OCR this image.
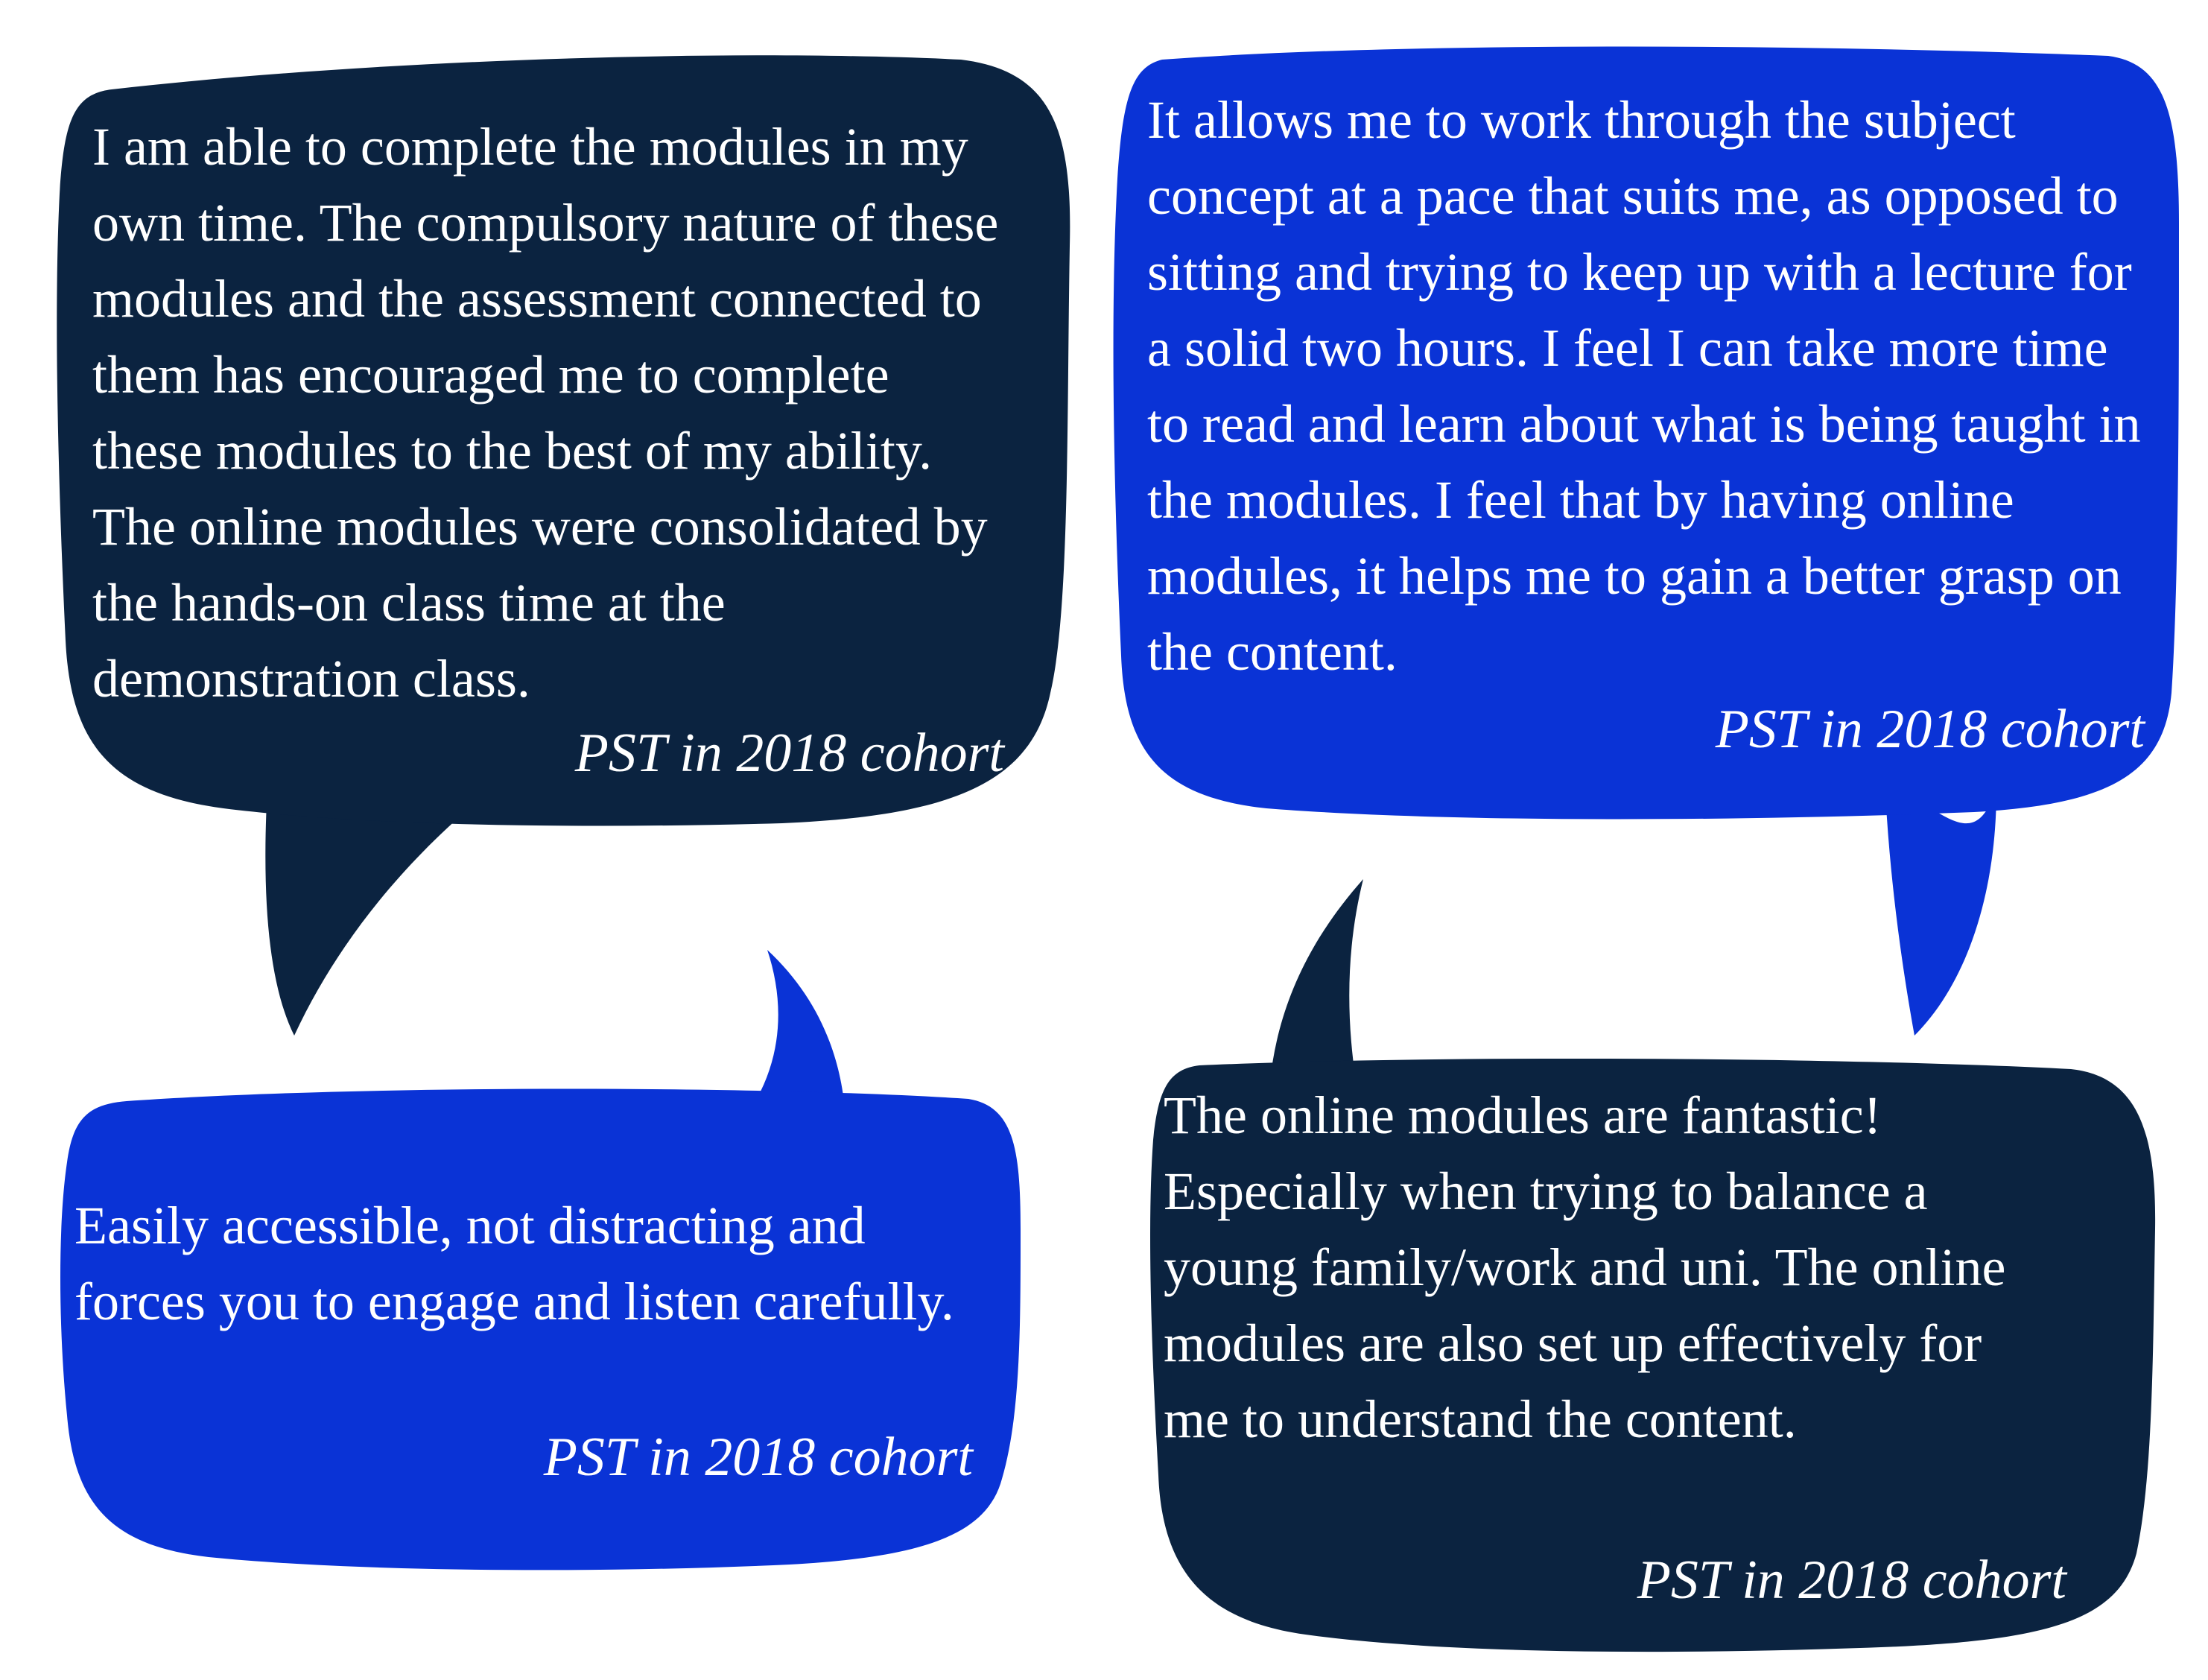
I am able to complete the modules in my own time. The compulsory nature of these modules and the assessment connected to them has encouraged me to complete these modules to the best of my ability. The online modules were consolidated by the hands-on class time at the demonstration class.

PST in 2018 cohort

It allows me to work through the subject concept at a pace that suits me, as opposed to sitting and trying to keep up with a lecture for a solid two hours. I feel I can take more time to read and learn about what is being taught in the modules. I feel that by having online modules, it helps me to gain a better grasp on the content.

PST in 2018 cohort

Easily accessible, not distracting and forces you to engage and listen carefully.

PST in 2018 cohort

The online modules are fantastic! Especially when trying to balance a young family/work and uni. The online modules are also set up effectively for me to understand the content.

PST in 2018 cohort
